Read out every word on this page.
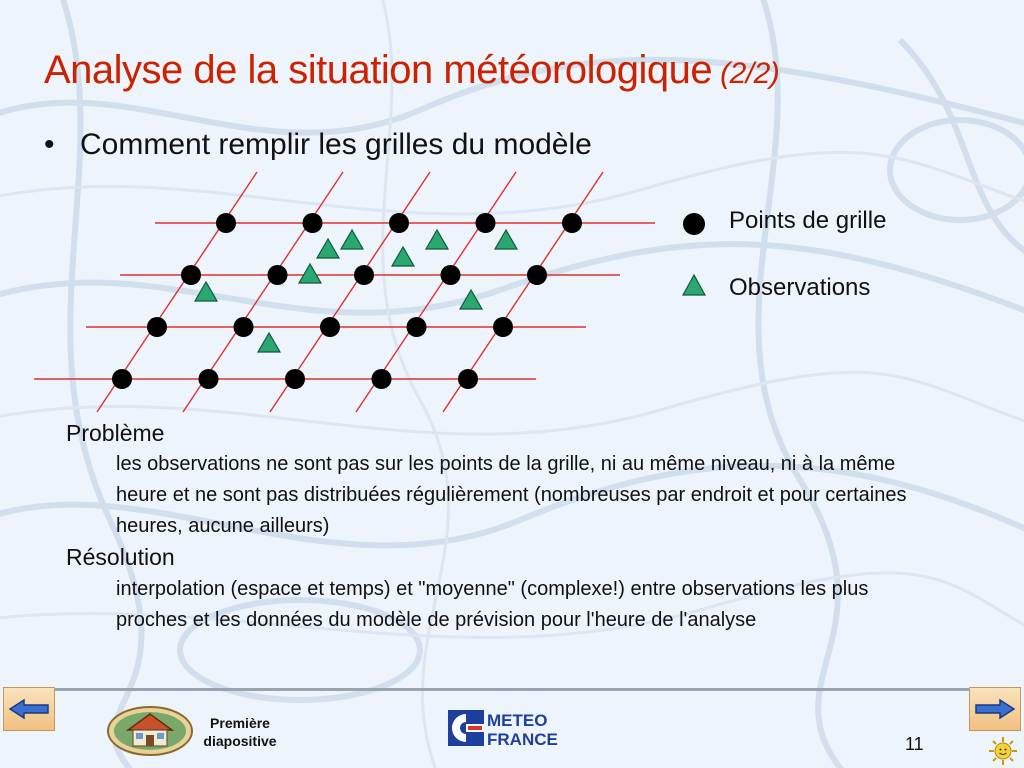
Analyse de la situation météorologique (2/2)
• Comment remplir les grilles du modèle
Points de grille
Observations
Problème
les observations ne sont pas sur les points de la grille, ni au même niveau, ni à la même heure et ne sont pas distribuées régulièrement (nombreuses par endroit et pour certaines heures, aucune ailleurs)
Résolution
interpolation (espace et temps) et "moyenne" (complexe!) entre observations les plus proches et les données du modèle de prévision pour l'heure de l'analyse
Première
diapositive
METEO
FRANCE	11
